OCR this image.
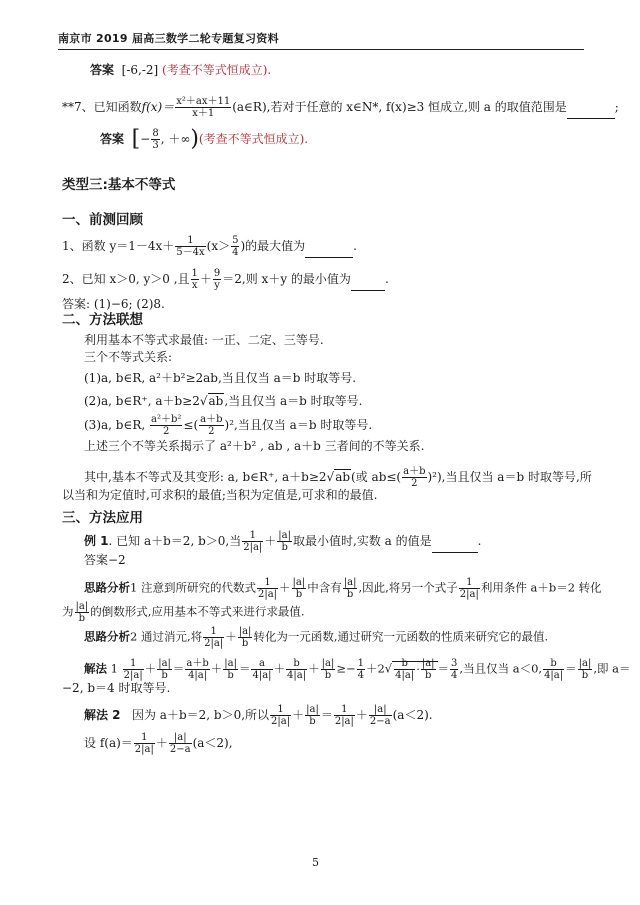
南京市 2019 届高三数学二轮专题复习资料
答案 [-6,-2] (考查不等式恒成立).
**7、已知函数$f(x)= \frac{\text{x²＋ax＋11}}{x+1}$ (a∈R),若对于任意的 x∈N*, f(x)≥3 恒成立,则 a 的取值范围是	;
答案 [− $\frac{8}{3}$ , ＋∞)(考查不等式恒成立).
类型三:基本不等式
一、前测回顾
1、函数 $y=1-4x+ \frac{1}{5-4x} (x> \frac{5}{4}$ )的最大值为	.
2、已知 x＞0, y＞0 ,且 $\frac{1}{x} + \frac{9}{y} =2$,则 x＋y 的最小值为	.
答案: (1)−6; (2)8.
二、方法联想
利用基本不等式求最值: 一正、二定、三等号.
三个不等式关系:
(1)a, b∈R, a²＋b²≥2ab,当且仅当 a＝b 时取等号.
(2)a, b∈R⁺, a＋b≥2√ab,当且仅当 a＝b 时取等号.
(3)a, b∈R, $\frac{\text{a²＋b²}}{2}$ ≤( $\frac{a+b}{2} )^2$,当且仅当 a＝b 时取等号.
上述三个不等关系揭示了 a²＋b² , ab , a＋b 三者间的不等关系.
其中,基本不等式及其变形: a, b∈R⁺, a＋b≥2√ab(或 $ab\le( \frac{a+b}{2} )^2$),当且仅当 a＝b 时取等号,所
以当和为定值时,可求积的最值;当积为定值是,可求和的最值.
三、方法应用
例 1. 已知 a＋b＝2, b＞0,当 $\frac{1}{2|a|} + \frac{|a|}{b}$ 取最小值时,实数 a 的值是	.
答案−2
思路分析1 注意到所研究的代数式 $\frac{1}{2|a|} + \frac{|a|}{b}$ 中含有 $\frac{|a|}{b}$ ,因此,将另一个式子 $\frac{1}{2|a|}$ 利用条件 a＋b＝2 转化
为 $\frac{|a|}{b}$ 的倒数形式,应用基本不等式来进行求最值.
思路分析2 通过消元,将 $\frac{1}{2|a|} + \frac{|a|}{b}$ 转化为一元函数,通过研究一元函数的性质来研究它的最值.
解法 $1 \frac{1}{2|a|} + \frac{|a|}{b} = \frac{a+b}{4|a|} + \frac{|a|}{b} = \frac{a}{4|a|} + \frac{b}{4|a|} + \frac{|a|}{b} \ge- \frac{1}{4} +2√ \frac{b}{4|a|} \cdot \frac{|a|}{b} = \frac{3}{4}$ ,当且仅当 a＜0, $\frac{b}{4|a|} = \frac{|a|}{b}$ ,即 a＝
−2, b＝4 时取等号.
解法 2 因为 a＋b＝2, b＞0,所以 $\frac{1}{2|a|} + \frac{|a|}{b} = \frac{1}{2|a|} + \frac{|a|}{2-a} (a<2)$.
设 $f(a)= \frac{1}{2|a|} + \frac{|a|}{2-a} (a<2)$,
5
